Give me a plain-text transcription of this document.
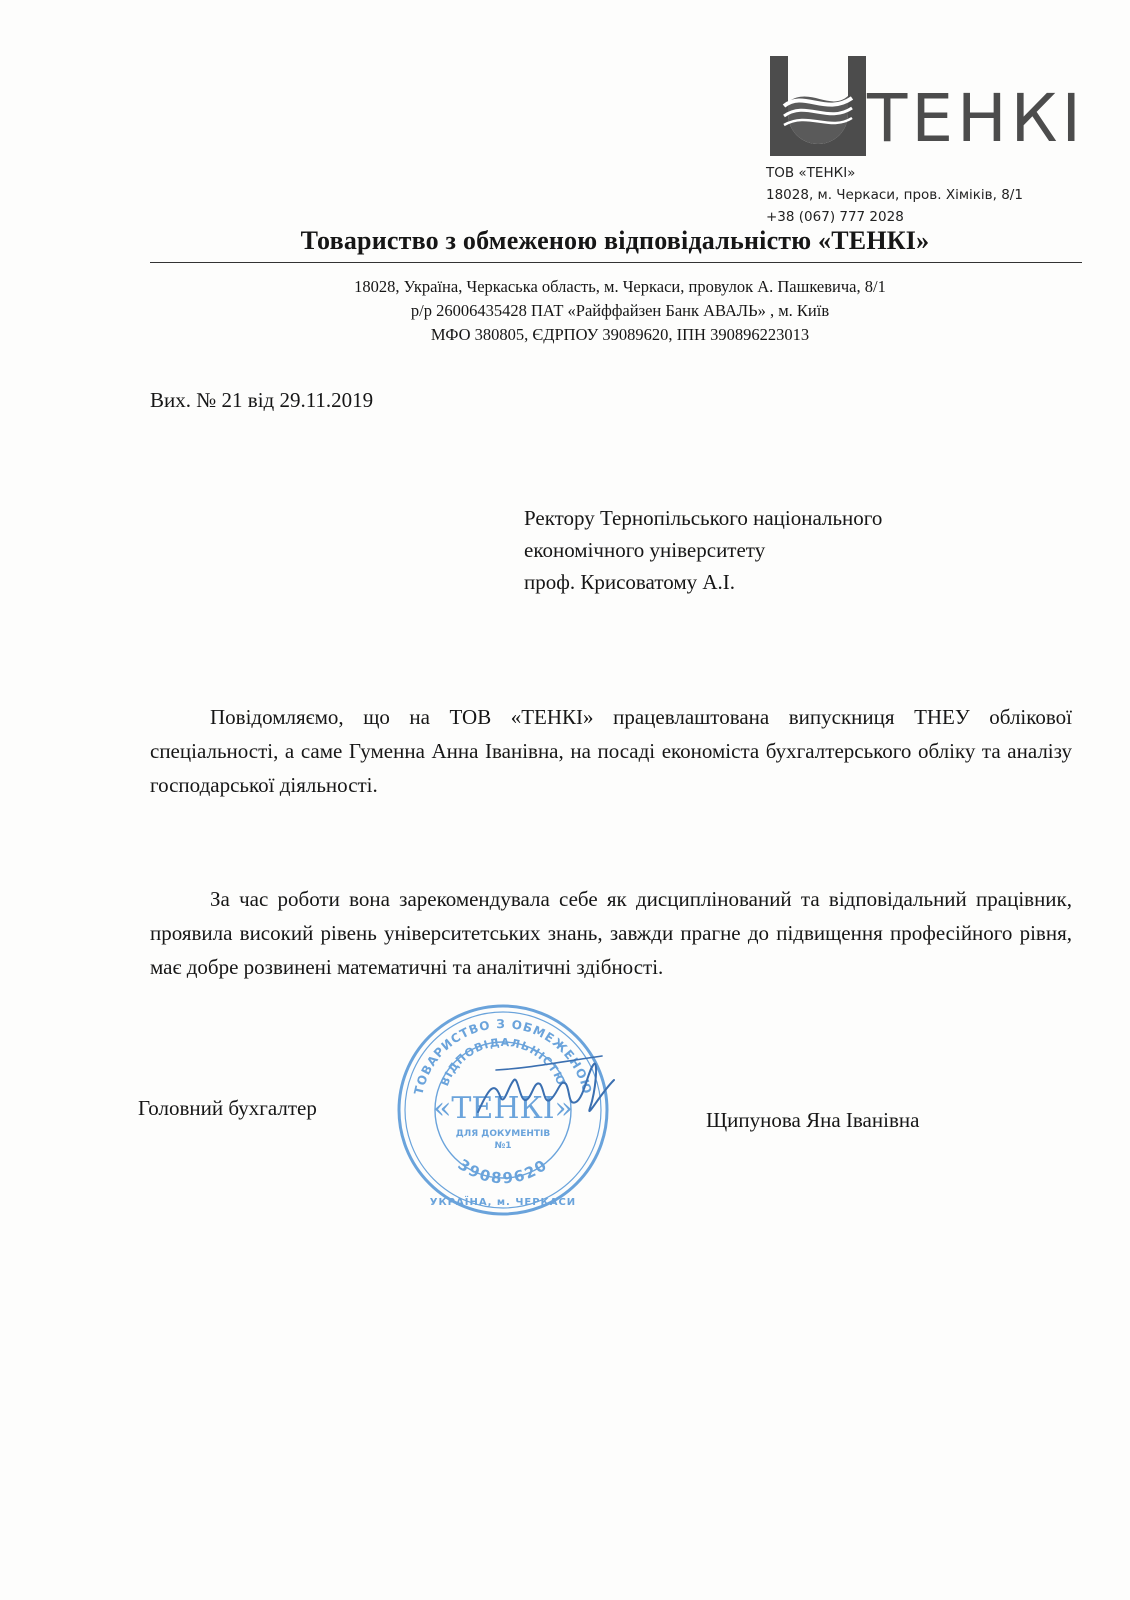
ТЕНКІ
ТОВ «ТЕНКІ»
18028, м. Черкаси, пров. Хіміків, 8/1
+38 (067) 777 2028
Товариство з обмеженою відповідальністю «ТЕНКІ»
18028, Україна, Черкаська область, м. Черкаси, провулок А. Пашкевича, 8/1
р/р 26006435428 ПАТ «Райффайзен Банк АВАЛЬ» , м. Київ
МФО 380805, ЄДРПОУ 39089620, ІПН 390896223013
Вих. № 21 від 29.11.2019
Ректору Тернопільського національного
економічного університету
проф. Крисоватому А.І.
Повідомляємо, що на ТОВ «ТЕНКІ» працевлаштована випускниця ТНЕУ облікової спеціальності, а саме Гуменна Анна Іванівна, на посаді економіста бухгалтерського обліку та аналізу господарської діяльності.
За час роботи вона зарекомендувала себе як дисциплінований та відповідальний працівник, проявила високий рівень університетських знань, завжди прагне до підвищення професійного рівня, має добре розвинені математичні та аналітичні здібності.
Головний бухгалтер	Щипунова Яна Іванівна
ТОВАРИСТВО З ОБМЕЖЕНОЮ
ВІДПОВІДАЛЬНІСТЮ
«ТЕНКІ»
ДЛЯ ДОКУМЕНТІВ
№1
39089620
УКРАЇНА, м. ЧЕРКАСИ
